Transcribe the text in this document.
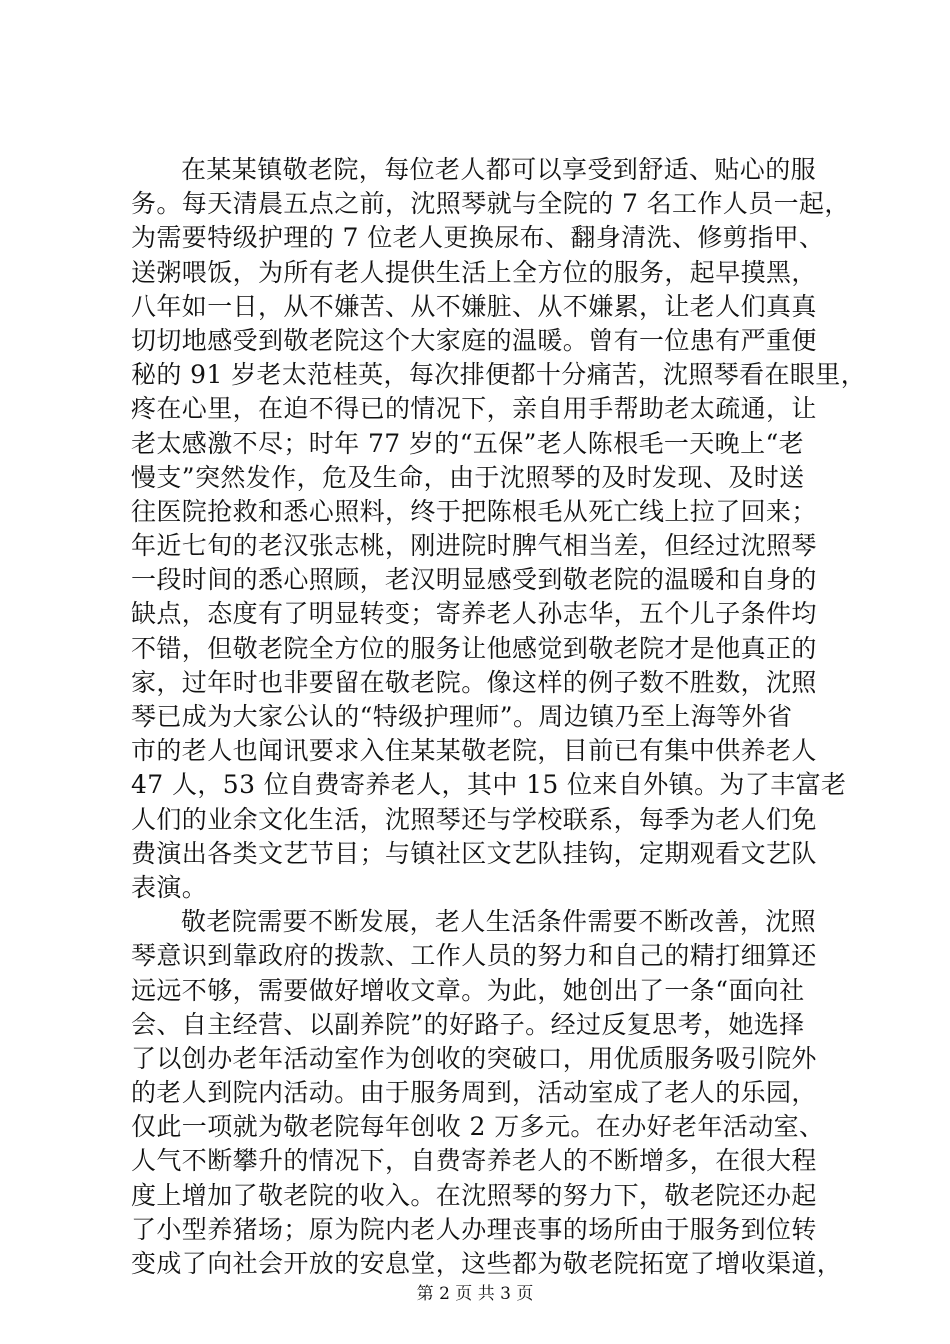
在某某镇敬老院，每位老人都可以享受到舒适、贴心的服
务。每天清晨五点之前，沈照琴就与全院的 7 名工作人员一起，
为需要特级护理的 7 位老人更换尿布、翻身清洗、修剪指甲、
送粥喂饭，为所有老人提供生活上全方位的服务，起早摸黑，
八年如一日，从不嫌苦、从不嫌脏、从不嫌累，让老人们真真
切切地感受到敬老院这个大家庭的温暖。曾有一位患有严重便
秘的 91 岁老太范桂英，每次排便都十分痛苦，沈照琴看在眼里，
疼在心里，在迫不得已的情况下，亲自用手帮助老太疏通，让
老太感激不尽；时年 77 岁的“五保”老人陈根毛一天晚上“老
慢支”突然发作，危及生命，由于沈照琴的及时发现、及时送
往医院抢救和悉心照料，终于把陈根毛从死亡线上拉了回来；
年近七旬的老汉张志桃，刚进院时脾气相当差，但经过沈照琴
一段时间的悉心照顾，老汉明显感受到敬老院的温暖和自身的
缺点，态度有了明显转变；寄养老人孙志华，五个儿子条件均
不错，但敬老院全方位的服务让他感觉到敬老院才是他真正的
家，过年时也非要留在敬老院。像这样的例子数不胜数，沈照
琴已成为大家公认的“特级护理师”。周边镇乃至上海等外省
市的老人也闻讯要求入住某某敬老院，目前已有集中供养老人
47 人，53 位自费寄养老人，其中 15 位来自外镇。为了丰富老
人们的业余文化生活，沈照琴还与学校联系，每季为老人们免
费演出各类文艺节目；与镇社区文艺队挂钩，定期观看文艺队
表演。
敬老院需要不断发展，老人生活条件需要不断改善，沈照
琴意识到靠政府的拨款、工作人员的努力和自己的精打细算还
远远不够，需要做好增收文章。为此，她创出了一条“面向社
会、自主经营、以副养院”的好路子。经过反复思考，她选择
了以创办老年活动室作为创收的突破口，用优质服务吸引院外
的老人到院内活动。由于服务周到，活动室成了老人的乐园，
仅此一项就为敬老院每年创收 2 万多元。在办好老年活动室、
人气不断攀升的情况下，自费寄养老人的不断增多，在很大程
度上增加了敬老院的收入。在沈照琴的努力下，敬老院还办起
了小型养猪场；原为院内老人办理丧事的场所由于服务到位转
变成了向社会开放的安息堂，这些都为敬老院拓宽了增收渠道，
第 2 页 共 3 页
